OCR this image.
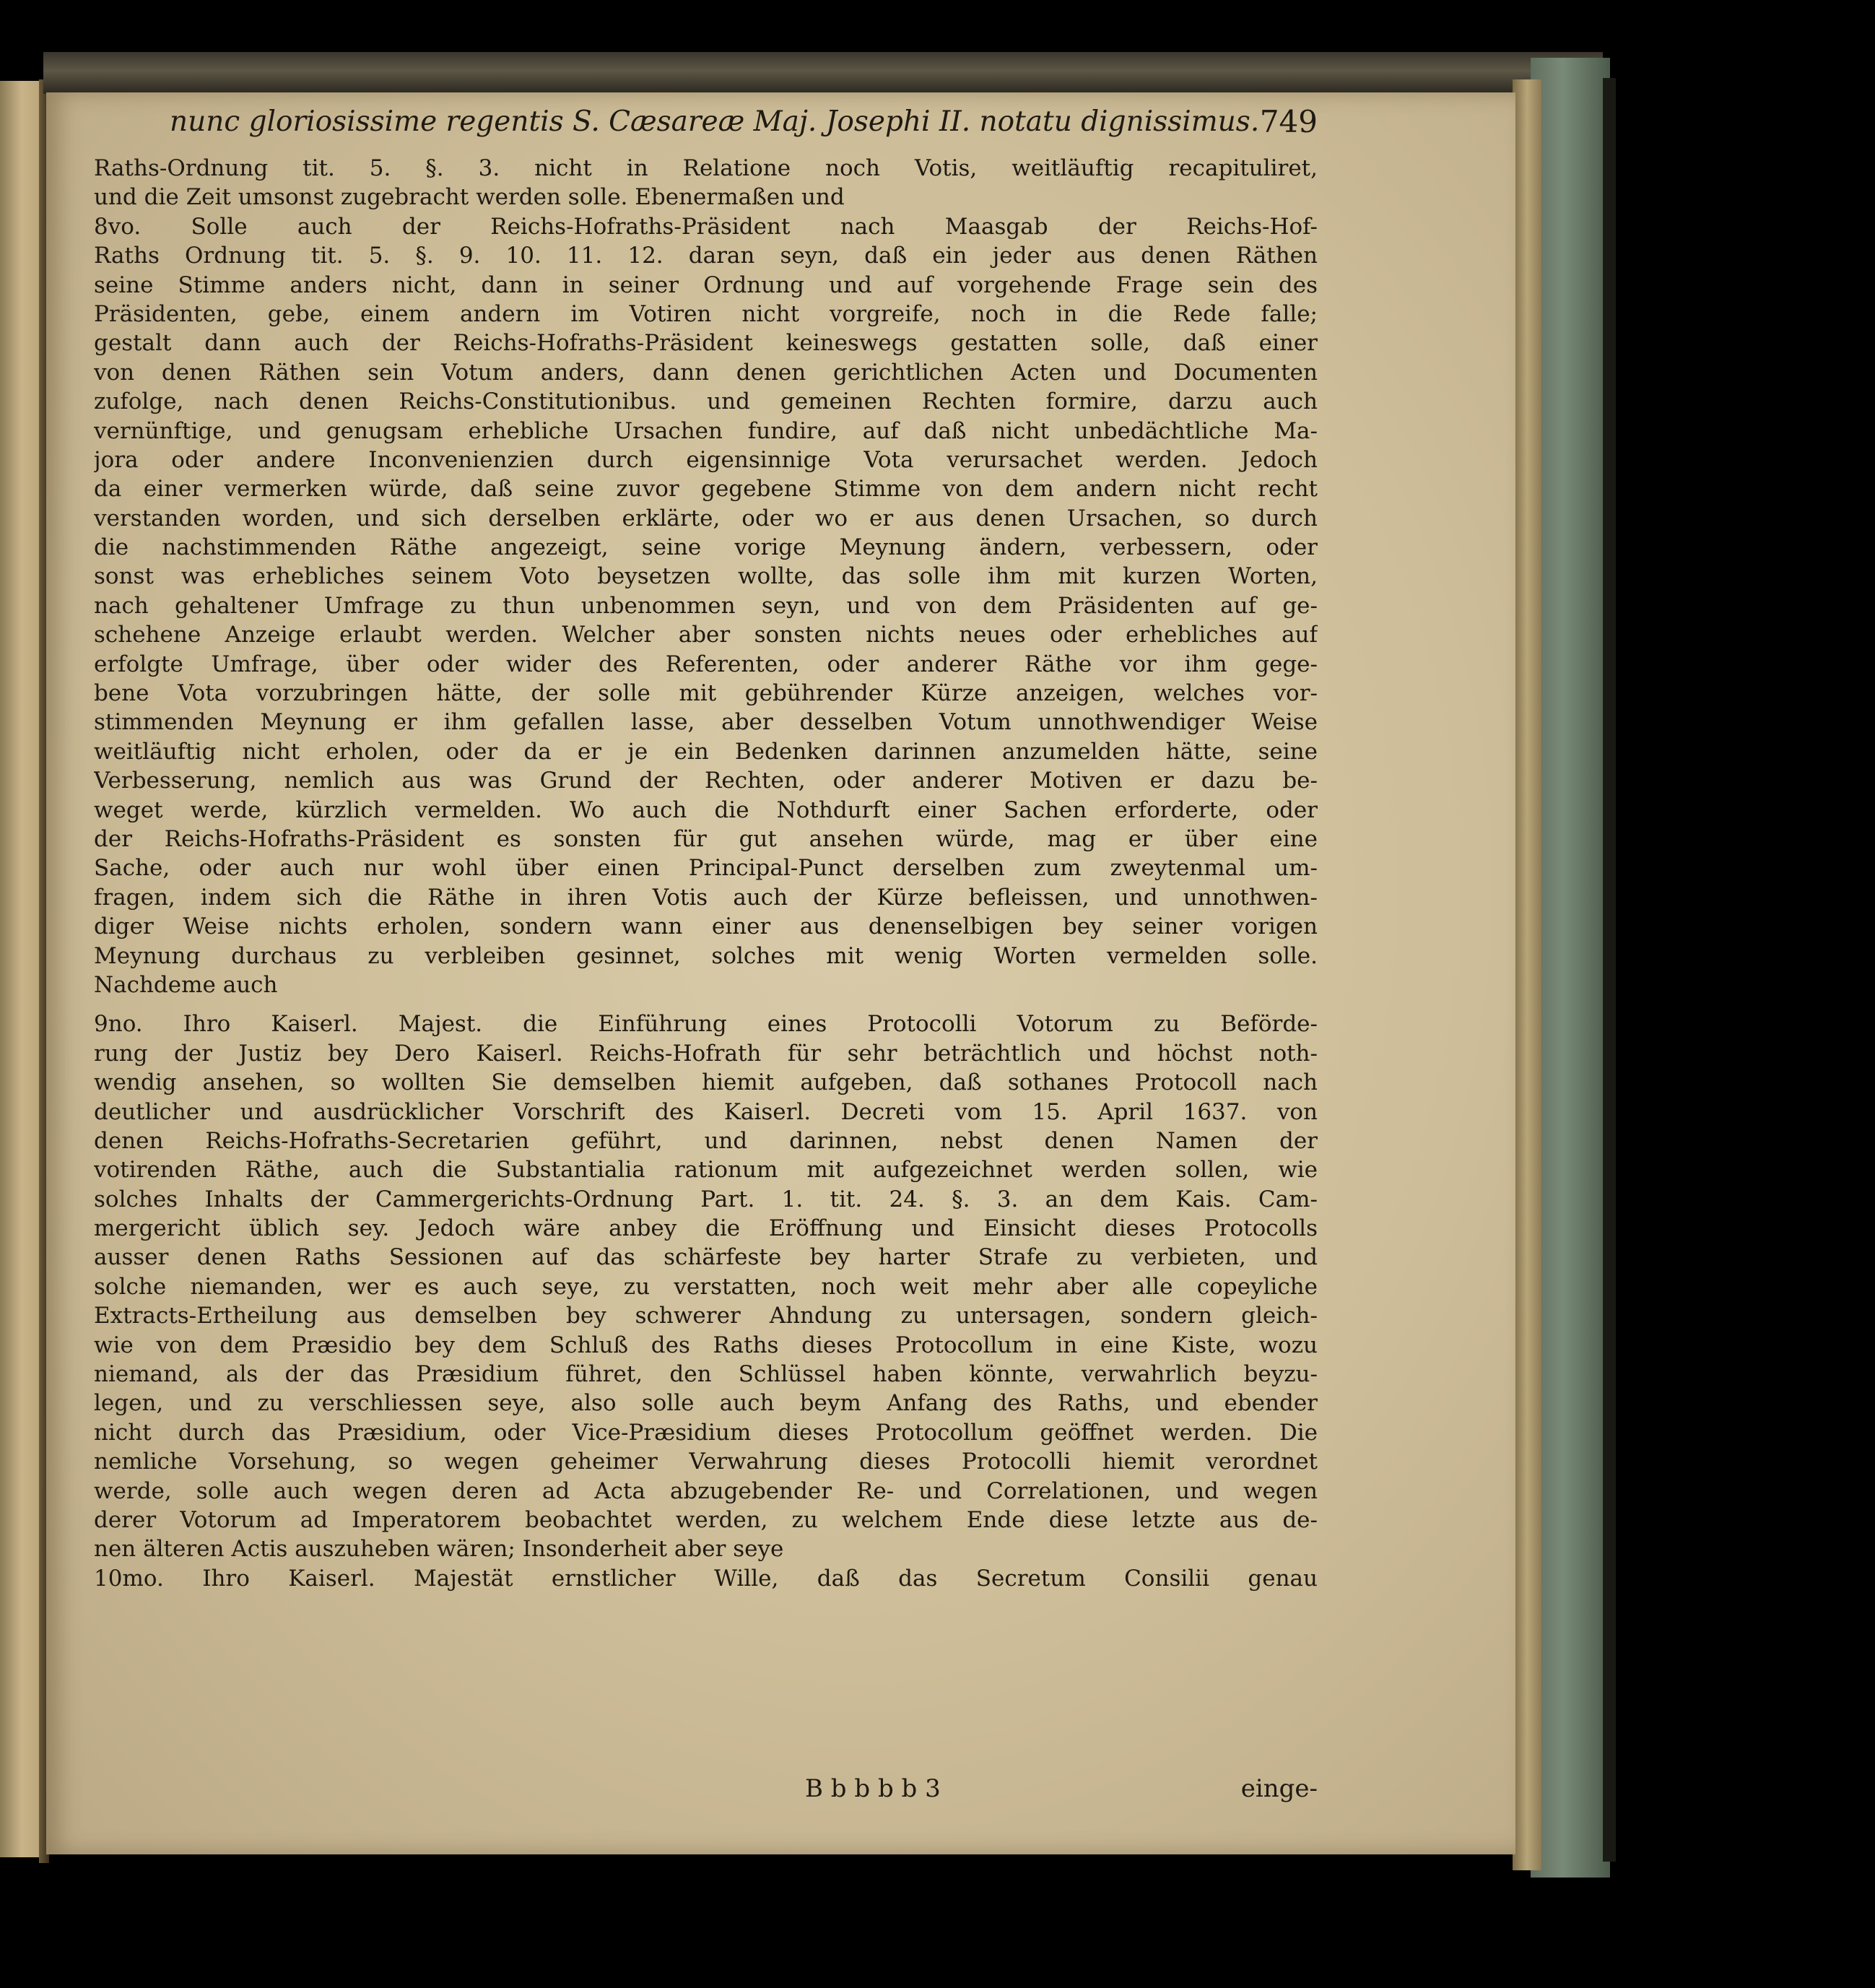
nunc gloriosissime regentis S. Cæsareæ Maj. Josephi II. notatu dignissimus. 749
Raths-Ordnung tit. 5. §. 3. nicht in Relatione noch Votis, weitläuftig recapituliret,
und die Zeit umsonst zugebracht werden solle. Ebenermaßen und
8vo. Solle auch der Reichs-Hofraths-Präsident nach Maasgab der Reichs-Hof-
Raths Ordnung tit. 5. §. 9. 10. 11. 12. daran seyn, daß ein jeder aus denen Räthen
seine Stimme anders nicht, dann in seiner Ordnung und auf vorgehende Frage sein des
Präsidenten, gebe, einem andern im Votiren nicht vorgreife, noch in die Rede falle;
gestalt dann auch der Reichs-Hofraths-Präsident keineswegs gestatten solle, daß einer
von denen Räthen sein Votum anders, dann denen gerichtlichen Acten und Documenten
zufolge, nach denen Reichs-Constitutionibus. und gemeinen Rechten formire, darzu auch
vernünftige, und genugsam erhebliche Ursachen fundire, auf daß nicht unbedächtliche Ma-
jora oder andere Inconvenienzien durch eigensinnige Vota verursachet werden. Jedoch
da einer vermerken würde, daß seine zuvor gegebene Stimme von dem andern nicht recht
verstanden worden, und sich derselben erklärte, oder wo er aus denen Ursachen, so durch
die nachstimmenden Räthe angezeigt, seine vorige Meynung ändern, verbessern, oder
sonst was erhebliches seinem Voto beysetzen wollte, das solle ihm mit kurzen Worten,
nach gehaltener Umfrage zu thun unbenommen seyn, und von dem Präsidenten auf ge-
schehene Anzeige erlaubt werden. Welcher aber sonsten nichts neues oder erhebliches auf
erfolgte Umfrage, über oder wider des Referenten, oder anderer Räthe vor ihm gege-
bene Vota vorzubringen hätte, der solle mit gebührender Kürze anzeigen, welches vor-
stimmenden Meynung er ihm gefallen lasse, aber desselben Votum unnothwendiger Weise
weitläuftig nicht erholen, oder da er je ein Bedenken darinnen anzumelden hätte, seine
Verbesserung, nemlich aus was Grund der Rechten, oder anderer Motiven er dazu be-
weget werde, kürzlich vermelden. Wo auch die Nothdurft einer Sachen erforderte, oder
der Reichs-Hofraths-Präsident es sonsten für gut ansehen würde, mag er über eine
Sache, oder auch nur wohl über einen Principal-Punct derselben zum zweytenmal um-
fragen, indem sich die Räthe in ihren Votis auch der Kürze befleissen, und unnothwen-
diger Weise nichts erholen, sondern wann einer aus denenselbigen bey seiner vorigen
Meynung durchaus zu verbleiben gesinnet, solches mit wenig Worten vermelden solle.
Nachdeme auch
9no. Ihro Kaiserl. Majest. die Einführung eines Protocolli Votorum zu Beförde-
rung der Justiz bey Dero Kaiserl. Reichs-Hofrath für sehr beträchtlich und höchst noth-
wendig ansehen, so wollten Sie demselben hiemit aufgeben, daß sothanes Protocoll nach
deutlicher und ausdrücklicher Vorschrift des Kaiserl. Decreti vom 15. April 1637. von
denen Reichs-Hofraths-Secretarien geführt, und darinnen, nebst denen Namen der
votirenden Räthe, auch die Substantialia rationum mit aufgezeichnet werden sollen, wie
solches Inhalts der Cammergerichts-Ordnung Part. 1. tit. 24. §. 3. an dem Kais. Cam-
mergericht üblich sey. Jedoch wäre anbey die Eröffnung und Einsicht dieses Protocolls
ausser denen Raths Sessionen auf das schärfeste bey harter Strafe zu verbieten, und
solche niemanden, wer es auch seye, zu verstatten, noch weit mehr aber alle copeyliche
Extracts-Ertheilung aus demselben bey schwerer Ahndung zu untersagen, sondern gleich-
wie von dem Præsidio bey dem Schluß des Raths dieses Protocollum in eine Kiste, wozu
niemand, als der das Præsidium führet, den Schlüssel haben könnte, verwahrlich beyzu-
legen, und zu verschliessen seye, also solle auch beym Anfang des Raths, und ebender
nicht durch das Præsidium, oder Vice-Præsidium dieses Protocollum geöffnet werden. Die
nemliche Vorsehung, so wegen geheimer Verwahrung dieses Protocolli hiemit verordnet
werde, solle auch wegen deren ad Acta abzugebender Re- und Correlationen, und wegen
derer Votorum ad Imperatorem beobachtet werden, zu welchem Ende diese letzte aus de-
nen älteren Actis auszuheben wären; Insonderheit aber seye
10mo. Ihro Kaiserl. Majestät ernstlicher Wille, daß das Secretum Consilii genau
B b b b b 3	einge-
